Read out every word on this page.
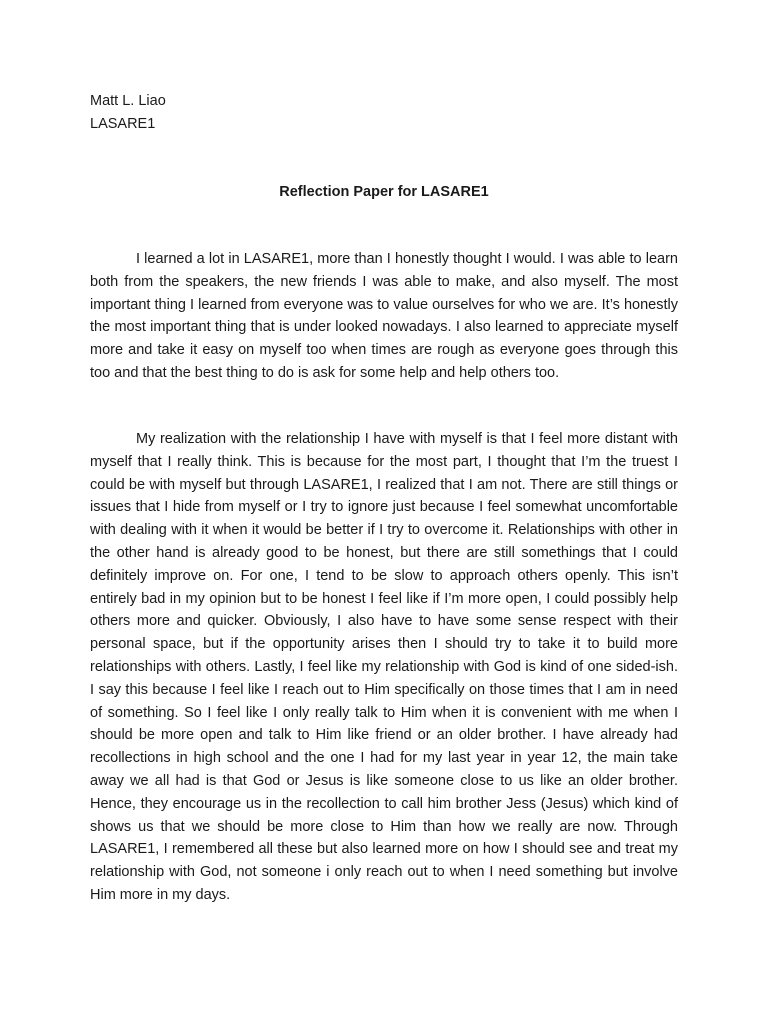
Matt L. Liao
LASARE1
Reflection Paper for LASARE1

I learned a lot in LASARE1, more than I honestly thought I would. I was able to learn both from the speakers, the new friends I was able to make, and also myself. The most important thing I learned from everyone was to value ourselves for who we are. It’s honestly the most important thing that is under looked nowadays. I also learned to appreciate myself more and take it easy on myself too when times are rough as everyone goes through this too and that the best thing to do is ask for some help and help others too.

My realization with the relationship I have with myself is that I feel more distant with myself that I really think. This is because for the most part, I thought that I’m the truest I could be with myself but through LASARE1, I realized that I am not. There are still things or issues that I hide from myself or I try to ignore just because I feel somewhat uncomfortable with dealing with it when it would be better if I try to overcome it. Relationships with other in the other hand is already good to be honest, but there are still somethings that I could definitely improve on. For one, I tend to be slow to approach others openly. This isn’t entirely bad in my opinion but to be honest I feel like if I’m more open, I could possibly help others more and quicker. Obviously, I also have to have some sense respect with their personal space, but if the opportunity arises then I should try to take it to build more relationships with others. Lastly, I feel like my relationship with God is kind of one sided-ish. I say this because I feel like I reach out to Him specifically on those times that I am in need of something. So I feel like I only really talk to Him when it is convenient with me when I should be more open and talk to Him like friend or an older brother. I have already had recollections in high school and the one I had for my last year in year 12, the main take away we all had is that God or Jesus is like someone close to us like an older brother. Hence, they encourage us in the recollection to call him brother Jess (Jesus) which kind of shows us that we should be more close to Him than how we really are now. Through LASARE1, I remembered all these but also learned more on how I should see and treat my relationship with God, not someone i only reach out to when I need something but involve Him more in my days.
